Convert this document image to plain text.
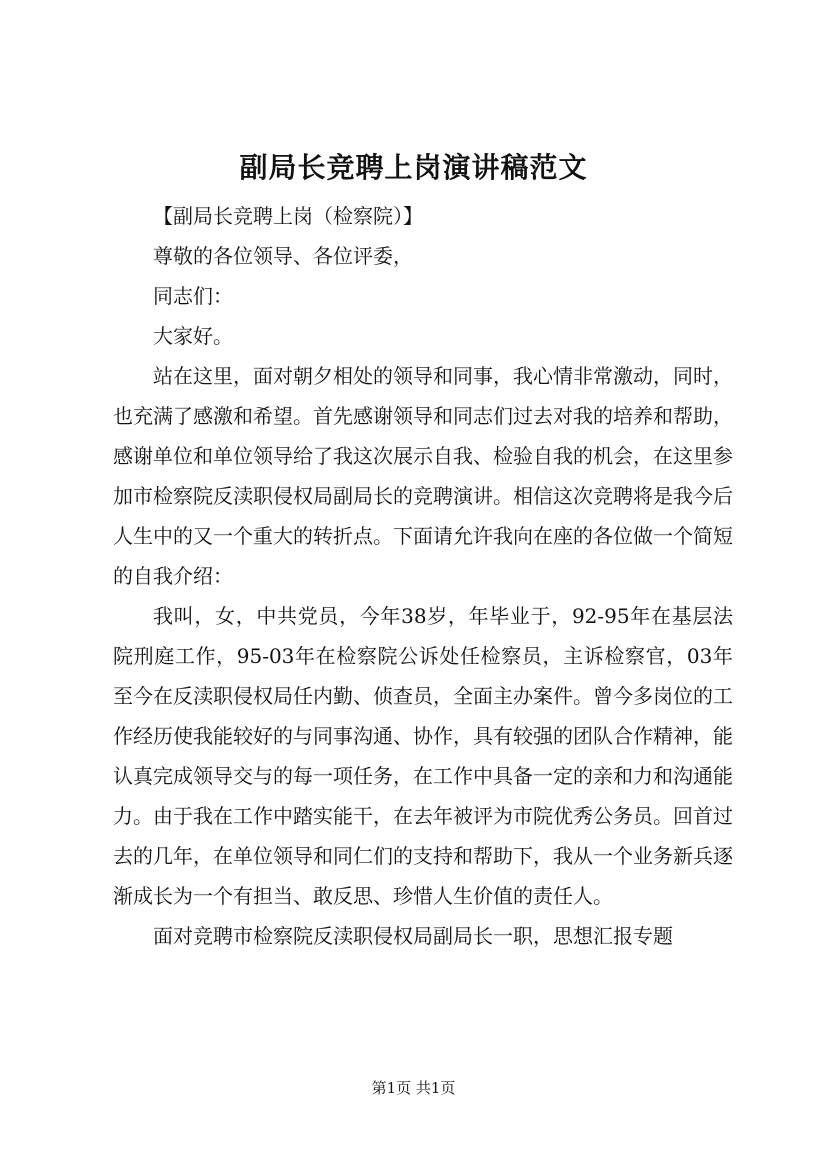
副局长竞聘上岗演讲稿范文

【副局长竞聘上岗（检察院）】

尊敬的各位领导、各位评委，

同志们：

大家好。

站在这里，面对朝夕相处的领导和同事，我心情非常激动，同时，也充满了感激和希望。首先感谢领导和同志们过去对我的培养和帮助，感谢单位和单位领导给了我这次展示自我、检验自我的机会，在这里参加市检察院反渎职侵权局副局长的竞聘演讲。相信这次竞聘将是我今后人生中的又一个重大的转折点。下面请允许我向在座的各位做一个简短的自我介绍：

我叫，女，中共党员，今年38岁，年毕业于，92-95年在基层法院刑庭工作，95-03年在检察院公诉处任检察员，主诉检察官，03年至今在反渎职侵权局任内勤、侦查员，全面主办案件。曾今多岗位的工作经历使我能较好的与同事沟通、协作，具有较强的团队合作精神，能认真完成领导交与的每一项任务，在工作中具备一定的亲和力和沟通能力。由于我在工作中踏实能干，在去年被评为市院优秀公务员。回首过去的几年，在单位领导和同仁们的支持和帮助下，我从一个业务新兵逐渐成长为一个有担当、敢反思、珍惜人生价值的责任人。

面对竞聘市检察院反渎职侵权局副局长一职，思想汇报专题

第1页 共1页
